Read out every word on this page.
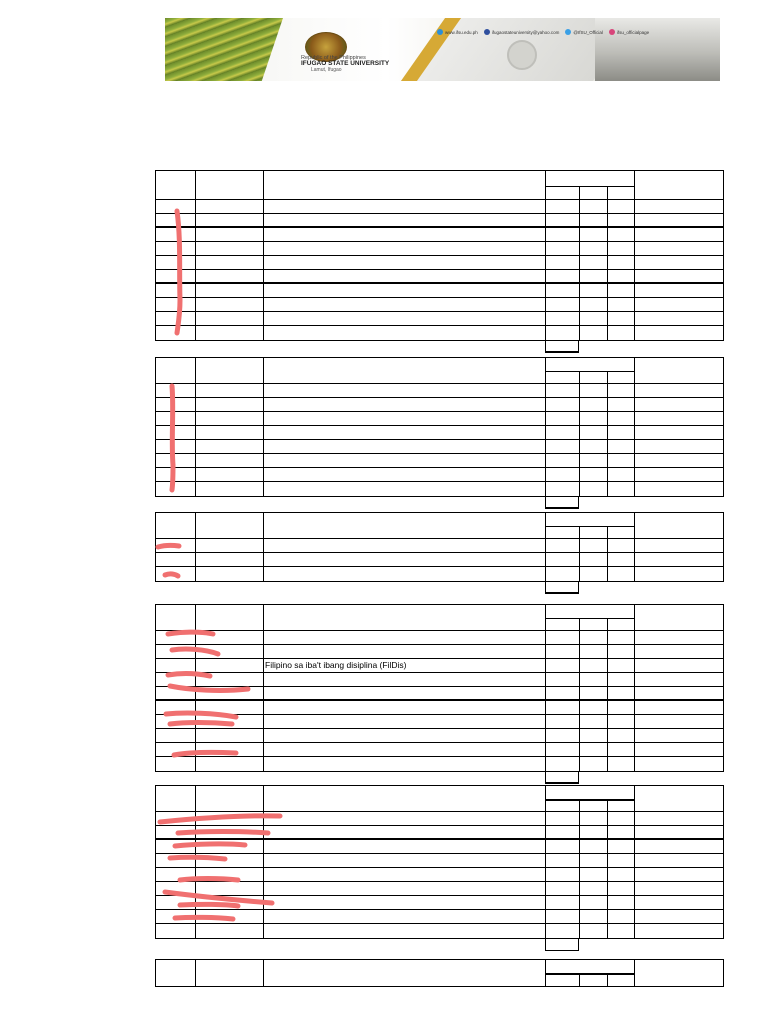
Republic of the Philippines
IFUGAO STATE UNIVERSITY
Lamut, Ifugao
www.ifsu.edu.ph	ifugaostateuniversity@yahoo.com	@IfSU_Official	ifsu_officialpage
Filipino sa iba't ibang disiplina (FilDis)
